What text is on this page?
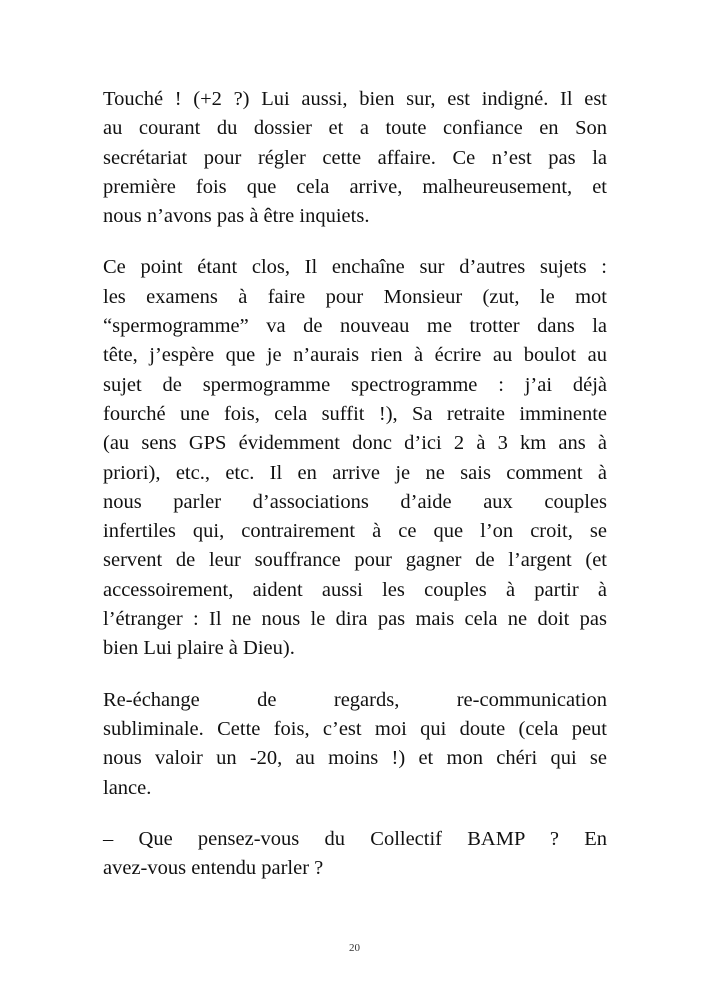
Touché ! (+2 ?) Lui aussi, bien sur, est indigné. Il est
au courant du dossier et a toute confiance en Son
secrétariat pour régler cette affaire. Ce n’est pas la
première fois que cela arrive, malheureusement, et
nous n’avons pas à être inquiets.
Ce point étant clos, Il enchaîne sur d’autres sujets :
les examens à faire pour Monsieur (zut, le mot
“spermogramme” va de nouveau me trotter dans la
tête, j’espère que je n’aurais rien à écrire au boulot au
sujet de spermogramme spectrogramme : j’ai déjà
fourché une fois, cela suffit !), Sa retraite imminente
(au sens GPS évidemment donc d’ici 2 à 3 km ans à
priori), etc., etc. Il en arrive je ne sais comment à
nous parler d’associations d’aide aux couples
infertiles qui, contrairement à ce que l’on croit, se
servent de leur souffrance pour gagner de l’argent (et
accessoirement, aident aussi les couples à partir à
l’étranger : Il ne nous le dira pas mais cela ne doit pas
bien Lui plaire à Dieu).
Re-échange de regards, re-communication
subliminale. Cette fois, c’est moi qui doute (cela peut
nous valoir un -20, au moins !) et mon chéri qui se
lance.
– Que pensez-vous du Collectif BAMP ? En
avez-vous entendu parler ?
20
